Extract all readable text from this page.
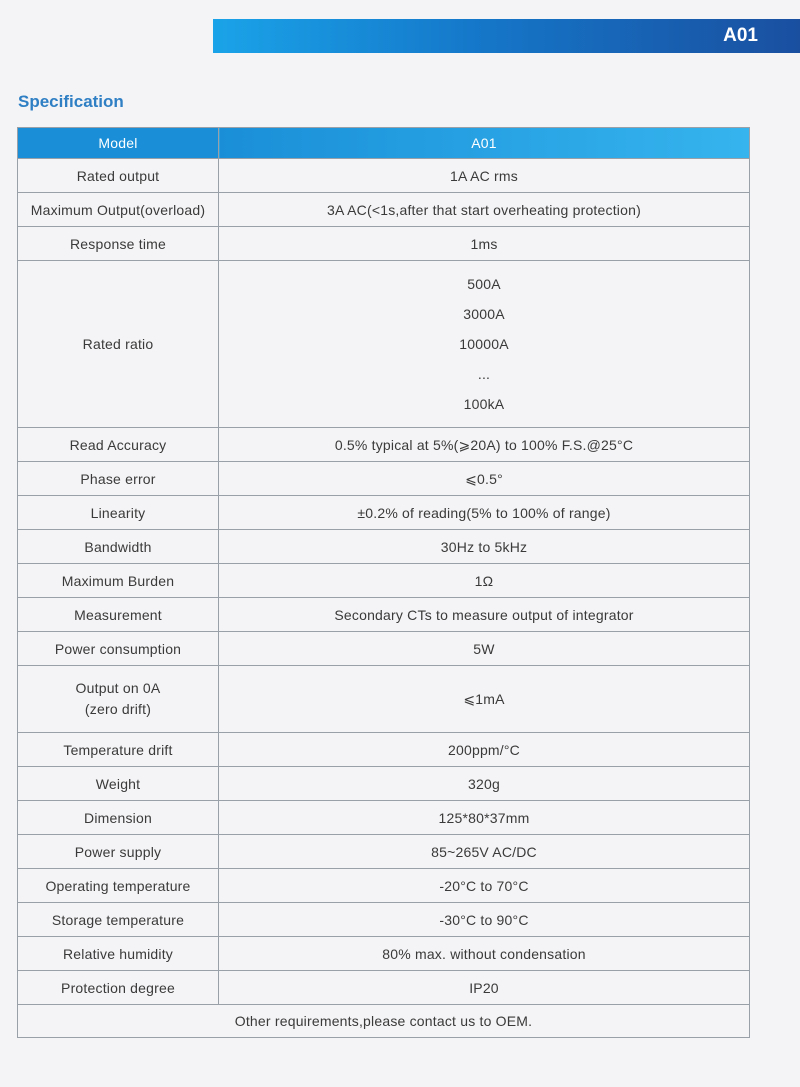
A01
Specification
Model	A01
Rated output	1A AC rms
Maximum Output(overload)	3A AC(<1s,after that start overheating protection)
Response time	1ms
Rated ratio	500A
3000A
10000A
...
100kA

Read Accuracy	0.5% typical at 5%(⩾20A) to 100% F.S.@25°C
Phase error	⩽0.5°
Linearity	±0.2% of reading(5% to 100% of range)
Bandwidth	30Hz to 5kHz
Maximum Burden	1Ω
Measurement	Secondary CTs to measure output of integrator
Power consumption	5W

Output on 0A
(zero drift)	⩽1mA
Temperature drift	200ppm/°C
Weight	320g
Dimension	125*80*37mm
Power supply	85~265V AC/DC
Operating temperature	-20°C to 70°C
Storage temperature	-30°C to 90°C
Relative humidity	80% max. without condensation
Protection degree	IP20
Other requirements,please contact us to OEM.	
